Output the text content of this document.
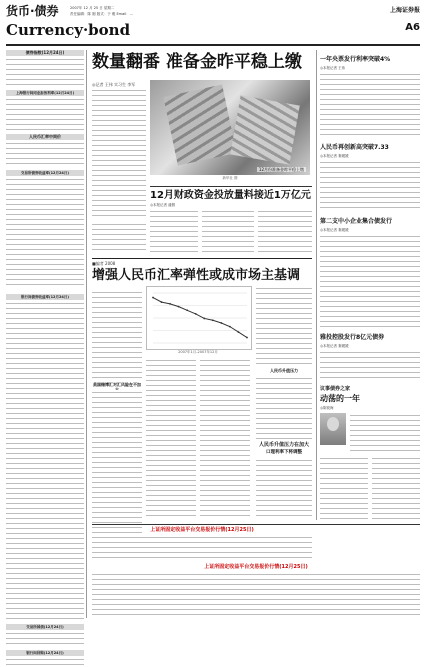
货币·债券
Currency·bond
2007年 12 月 25 日 星期二
责任编辑：陈 刚 版式：于 雅 Email：...	上海证券报
A6
债券指数(12月24日)
上海银行间同业拆放利率(12月24日)
人民币汇率中间价
交易所债券收益率(12月24日)
银行间债券收益率(12月24日)
交易所国债(12月24日)
银行间回购(12月24日)
数量翻番 准备金昨平稳上缴
◎记者 王伟 实习生 李军
12月份准备金昨平稳上缴
新华社 图
12月财政资金投放量料接近1万亿元
◎本报记者 潘圆
■编者 2008
增强人民币汇率弹性或成市场主基调
美国赌博汇对汇风险在不加
2007年1月-2007年12月
人民币升值压力
人民币升值压力在加大
口理利率下将调整
上证所固定收益平台交易报价行情(12月25日)
上证所固定收益平台交易报价行情(12月25日)
一年央票发行利率突破4%
◎本报记者 王伟
人民币再创新高突破7.33
◎本报记者 秦媛媛
第二支中小企业集合债发行
◎本报记者 秦媛媛
雅投控股发行8亿元债券
◎本报记者 秦媛媛
议事债券之家
动荡的一年
◎陈锐海
